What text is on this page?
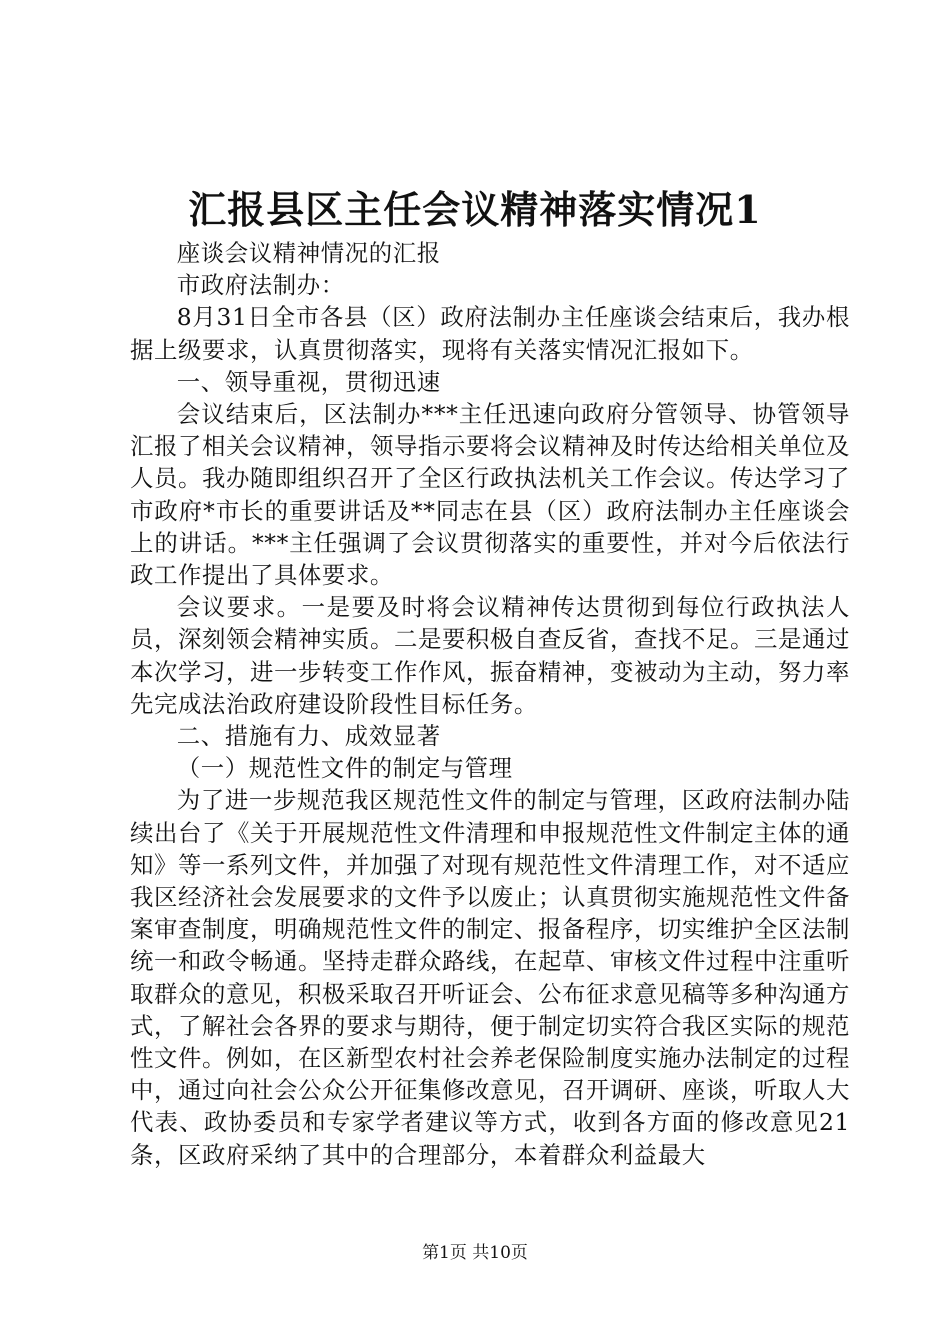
汇报县区主任会议精神落实情况1

座谈会议精神情况的汇报

市政府法制办：

8月31日全市各县（区）政府法制办主任座谈会结束后，我办根据上级要求，认真贯彻落实，现将有关落实情况汇报如下。

一、领导重视，贯彻迅速

会议结束后，区法制办***主任迅速向政府分管领导、协管领导汇报了相关会议精神，领导指示要将会议精神及时传达给相关单位及人员。我办随即组织召开了全区行政执法机关工作会议。传达学习了市政府*市长的重要讲话及**同志在县（区）政府法制办主任座谈会上的讲话。***主任强调了会议贯彻落实的重要性，并对今后依法行政工作提出了具体要求。

会议要求。一是要及时将会议精神传达贯彻到每位行政执法人员，深刻领会精神实质。二是要积极自查反省，查找不足。三是通过本次学习，进一步转变工作作风，振奋精神，变被动为主动，努力率先完成法治政府建设阶段性目标任务。

二、措施有力、成效显著

（一）规范性文件的制定与管理

为了进一步规范我区规范性文件的制定与管理，区政府法制办陆续出台了《关于开展规范性文件清理和申报规范性文件制定主体的通知》等一系列文件，并加强了对现有规范性文件清理工作，对不适应我区经济社会发展要求的文件予以废止；认真贯彻实施规范性文件备案审查制度，明确规范性文件的制定、报备程序，切实维护全区法制统一和政令畅通。坚持走群众路线，在起草、审核文件过程中注重听取群众的意见，积极采取召开听证会、公布征求意见稿等多种沟通方式，了解社会各界的要求与期待，便于制定切实符合我区实际的规范性文件。例如，在区新型农村社会养老保险制度实施办法制定的过程中，通过向社会公众公开征集修改意见，召开调研、座谈，听取人大代表、政协委员和专家学者建议等方式，收到各方面的修改意见21条，区政府采纳了其中的合理部分，本着群众利益最大

第1页 共10页
